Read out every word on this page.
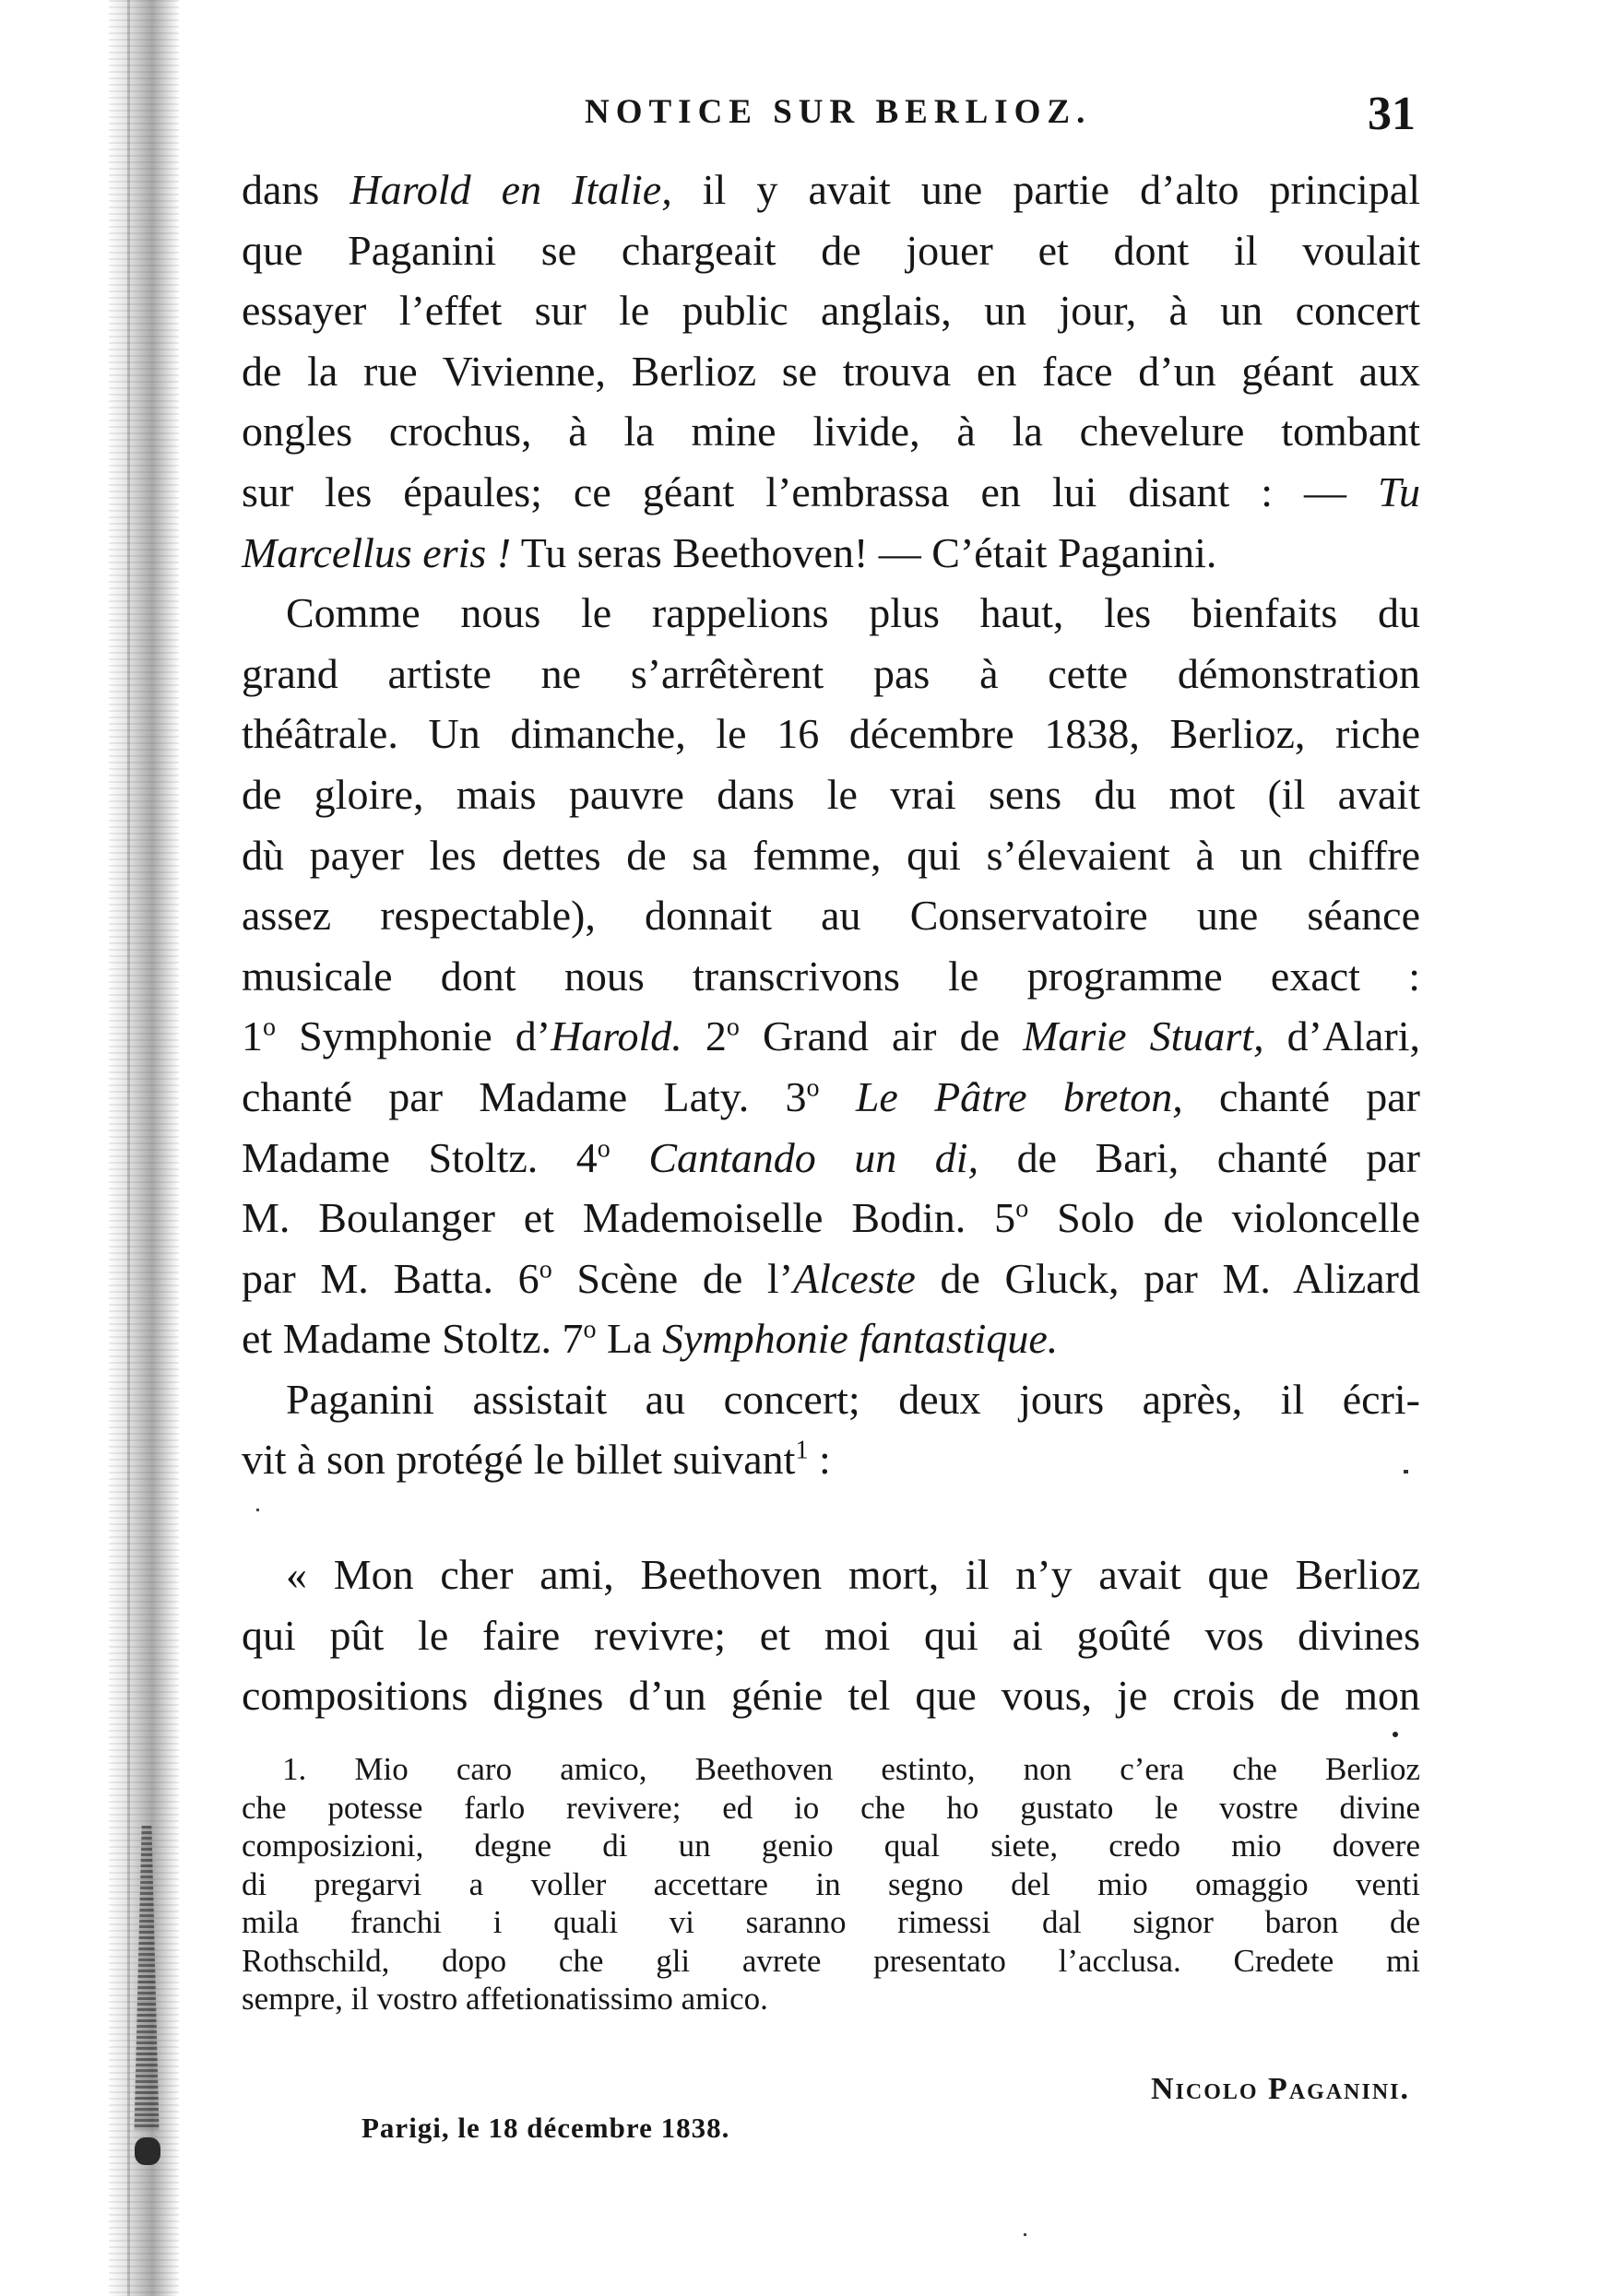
NOTICE SUR BERLIOZ.	31

dans Harold en Italie, il y avait une partie d’alto principal

que Paganini se chargeait de jouer et dont il voulait

essayer l’effet sur le public anglais, un jour, à un concert

de la rue Vivienne, Berlioz se trouva en face d’un géant aux

ongles crochus, à la mine livide, à la chevelure tombant

sur les épaules; ce géant l’embrassa en lui disant : — Tu

Marcellus eris ! Tu seras Beethoven! — C’était Paganini.

Comme nous le rappelions plus haut, les bienfaits du

grand artiste ne s’arrêtèrent pas à cette démonstration

théâtrale. Un dimanche, le 16 décembre 1838, Berlioz, riche

de gloire, mais pauvre dans le vrai sens du mot (il avait

dù payer les dettes de sa femme, qui s’élevaient à un chiffre

assez respectable), donnait au Conservatoire une séance

musicale dont nous transcrivons le programme exact :

1$^o$ Symphonie d’Harold. 2$^o$ Grand air de Marie Stuart, d’Alari,

chanté par Madame Laty. 3$^o$ Le Pâtre breton, chanté par

Madame Stoltz. 4$^o$ Cantando un di, de Bari, chanté par

M. Boulanger et Mademoiselle Bodin. 5$^o$ Solo de violoncelle

par M. Batta. 6$^o$ Scène de l’Alceste de Gluck, par M. Alizard

et Madame Stoltz. 7$^o$ La Symphonie fantastique.

Paganini assistait au concert; deux jours après, il écri-

vit à son protégé le billet suivant$^1$ :

« Mon cher ami, Beethoven mort, il n’y avait que Berlioz

qui pût le faire revivre; et moi qui ai goûté vos divines

compositions dignes d’un génie tel que vous, je crois de mon

1. Mio caro amico, Beethoven estinto, non c’era che Berlioz

che potesse farlo revivere; ed io che ho gustato le vostre divine

composizioni, degne di un genio qual siete, credo mio dovere

di pregarvi a voller accettare in segno del mio omaggio venti

mila franchi i quali vi saranno rimessi dal signor baron de

Rothschild, dopo che gli avrete presentato l’acclusa. Credete mi

sempre, il vostro affetionatissimo amico.

Nicolo Paganini.
Parigi, le 18 décembre 1838.
